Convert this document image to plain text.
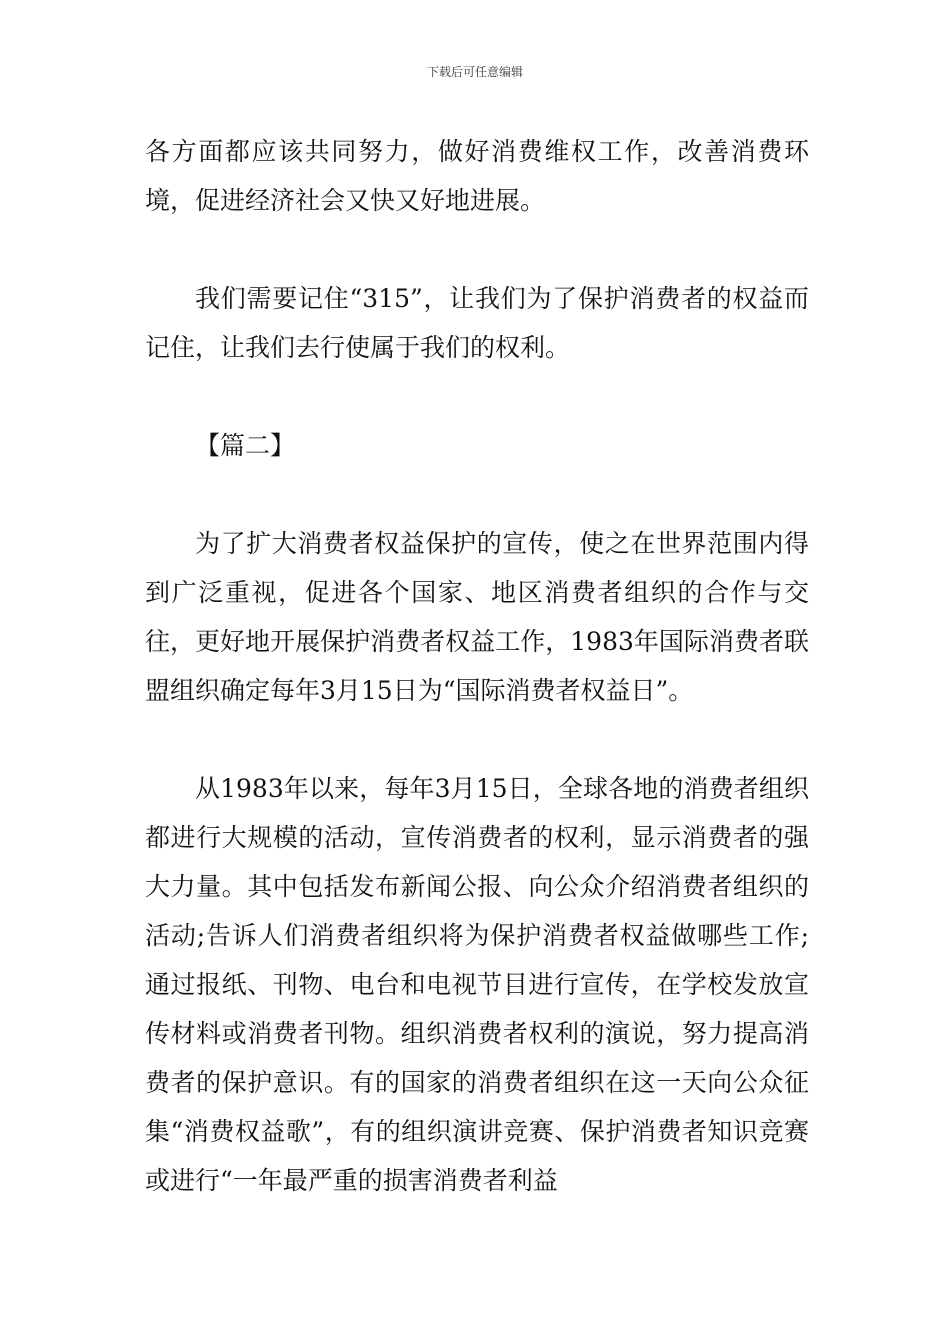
下载后可任意编辑

各方面都应该共同努力，做好消费维权工作，改善消费环境，促进经济社会又快又好地进展。

我们需要记住“315”，让我们为了保护消费者的权益而记住，让我们去行使属于我们的权利。

【篇二】

为了扩大消费者权益保护的宣传，使之在世界范围内得到广泛重视，促进各个国家、地区消费者组织的合作与交往，更好地开展保护消费者权益工作，1983年国际消费者联盟组织确定每年3月15日为“国际消费者权益日”。

从1983年以来，每年3月15日，全球各地的消费者组织都进行大规模的活动，宣传消费者的权利，显示消费者的强大力量。其中包括发布新闻公报、向公众介绍消费者组织的活动;告诉人们消费者组织将为保护消费者权益做哪些工作;通过报纸、刊物、电台和电视节目进行宣传，在学校发放宣传材料或消费者刊物。组织消费者权利的演说，努力提高消费者的保护意识。有的国家的消费者组织在这一天向公众征集“消费权益歌”，有的组织演讲竞赛、保护消费者知识竞赛或进行“一年最严重的损害消费者利益
